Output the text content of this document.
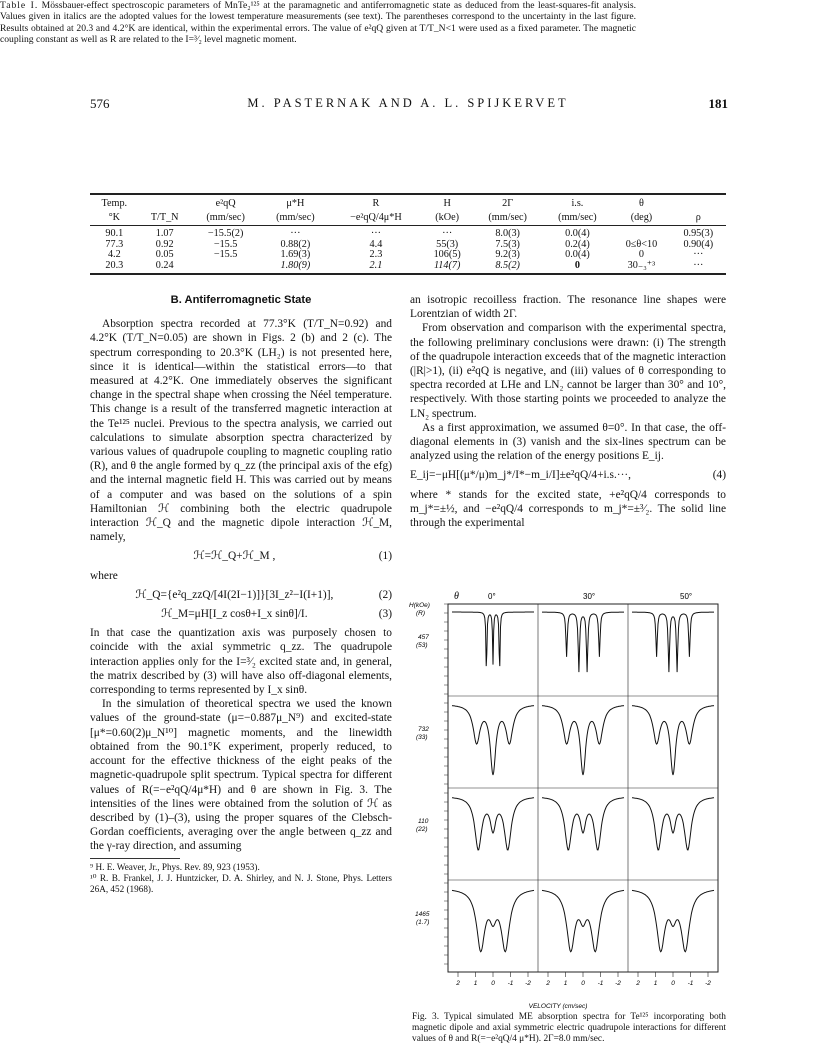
576	M. PASTERNAK AND A. L. SPIJKERVET	181
Table I. Mössbauer-effect spectroscopic parameters of MnTe₂¹²⁵ at the paramagnetic and antiferromagnetic state as deduced from the least-squares-fit analysis. Values given in italics are the adopted values for the lowest temperature measurements (see text). The parentheses correspond to the uncertainty in the last figure. Results obtained at 20.3 and 4.2°K are identical, within the experimental errors. The value of e²qQ given at T/T_N<1 were used as a fixed parameter. The magnetic coupling constant as well as R are related to the I=³⁄₂ level magnetic moment.
Temp.		e²qQ	μ*H	R	H	2Γ	i.s.	θ	
°K	T/T_N	(mm/sec)	(mm/sec)	−e²qQ/4μ*H	(kOe)	(mm/sec)	(mm/sec)	(deg)	ρ
90.1	1.07	−15.5(2)	···	···	···	8.0(3)	0.0(4)		0.95(3)
77.3	0.92	−15.5	0.88(2)	4.4	55(3)	7.5(3)	0.2(4)	0≤θ<10	0.90(4)
4.2	0.05	−15.5	1.69(3)	2.3	106(5)	9.2(3)	0.0(4)	0	···
20.3	0.24		1.80(9)	2.1	114(7)	8.5(2)	0	30₋₃⁺³	···
B. Antiferromagnetic State

Absorption spectra recorded at 77.3°K (T/T_N=0.92) and 4.2°K (T/T_N=0.05) are shown in Figs. 2 (b) and 2 (c). The spectrum corresponding to 20.3°K (LH₂) is not presented here, since it is identical—within the statistical errors—to that measured at 4.2°K. One immediately observes the significant change in the spectral shape when crossing the Néel temperature. This change is a result of the transferred magnetic interaction at the Te¹²⁵ nuclei. Previous to the spectra analysis, we carried out calculations to simulate absorption spectra characterized by various values of quadrupole coupling to magnetic coupling ratio (R), and θ the angle formed by q_zz (the principal axis of the efg) and the internal magnetic field H. This was carried out by means of a computer and was based on the solutions of a spin Hamiltonian ℋ combining both the electric quadrupole interaction ℋ_Q and the magnetic dipole interaction ℋ_M, namely,

ℋ=ℋ_Q+ℋ_M ,	(1)

where

ℋ_Q={e²q_zzQ/[4I(2I−1)]}[3I_z²−I(I+1)],	(2)
ℋ_M=μH[I_z cosθ+I_x sinθ]/I.	(3)

In that case the quantization axis was purposely chosen to coincide with the axial symmetric q_zz. The quadrupole interaction applies only for the I=³⁄₂ excited state and, in general, the matrix described by (3) will have also off-diagonal elements, corresponding to terms represented by I_x sinθ.

In the simulation of theoretical spectra we used the known values of the ground-state (μ=−0.887μ_N⁹) and excited-state [μ*=0.60(2)μ_N¹⁰] magnetic moments, and the linewidth obtained from the 90.1°K experiment, properly reduced, to account for the effective thickness of the eight peaks of the magnetic-quadrupole split spectrum. Typical spectra for different values of R(=−e²qQ/4μ*H) and θ are shown in Fig. 3. The intensities of the lines were obtained from the solution of ℋ as described by (1)–(3), using the proper squares of the Clebsch-Gordan coefficients, averaging over the angle between q_zz and the γ-ray direction, and assuming

⁹ H. E. Weaver, Jr., Phys. Rev. 89, 923 (1953).

¹⁰ R. B. Frankel, J. J. Huntzicker, D. A. Shirley, and N. J. Stone, Phys. Letters 26A, 452 (1968).

an isotropic recoilless fraction. The resonance line shapes were Lorentzian of width 2Γ.

From observation and comparison with the experimental spectra, the following preliminary conclusions were drawn: (i) The strength of the quadrupole interaction exceeds that of the magnetic interaction (|R|>1), (ii) e²qQ is negative, and (iii) values of θ corresponding to spectra recorded at LHe and LN₂ cannot be larger than 30° and 10°, respectively. With those starting points we proceeded to analyze the LN₂ spectrum.

As a first approximation, we assumed θ=0°. In that case, the off-diagonal elements in (3) vanish and the six-lines spectrum can be analyzed using the relation of the energy positions E_ij.

E_ij=−μH[(μ*/μ)m_j*/I*−m_i/I]±e²qQ/4+i.s.···,	(4)

where * stands for the excited state, +e²qQ/4 corresponds to m_j*=±½, and −e²qQ/4 corresponds to m_j*=±³⁄₂. The solid line through the experimental

2 1 0 -1 -2 2 1 0 -1 -2 2 1 0 -1 -2
θ	0°	30°	50°
H(kOe)
(R)
457
(53)
732
(33)
110
(22)
1465
(1.7)
VELOCITY (cm/sec)
Fig. 3. Typical simulated ME absorption spectra for Te¹²⁵ incorporating both magnetic dipole and axial symmetric electric quadrupole interactions for different values of θ and R(=−e²qQ/4 μ*H). 2Γ=8.0 mm/sec.
